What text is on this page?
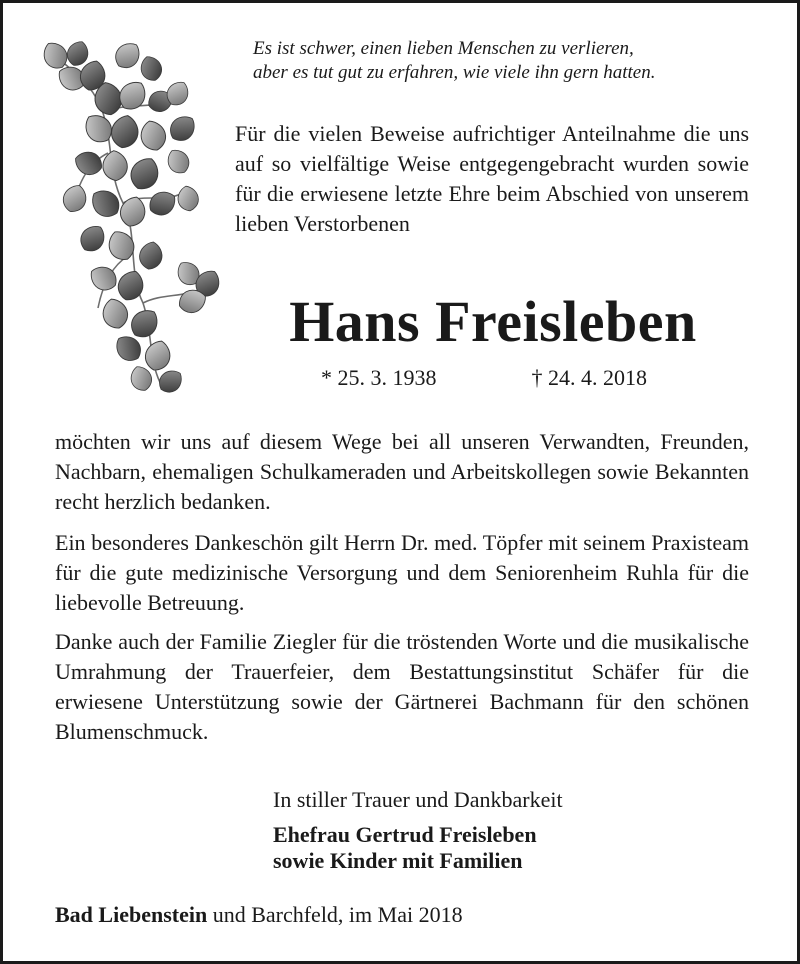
Es ist schwer, einen lieben Menschen zu verlieren,
aber es tut gut zu erfahren, wie viele ihn gern hatten.
Für die vielen Beweise aufrichtiger Anteilnahme die uns auf so vielfältige Weise entgegengebracht wurden sowie für die erwiesene letzte Ehre beim Abschied von unserem lieben Verstorbenen
Hans Freisleben
* 25. 3. 1938	† 24. 4. 2018
möchten wir uns auf diesem Wege bei all unseren Verwandten, Freunden, Nachbarn, ehemaligen Schulkameraden und Arbeitskollegen sowie Bekannten recht herzlich bedanken.
Ein besonderes Dankeschön gilt Herrn Dr. med. Töpfer mit seinem Praxisteam für die gute medizinische Versorgung und dem Seniorenheim Ruhla für die liebevolle Betreuung.
Danke auch der Familie Ziegler für die tröstenden Worte und die musikalische Umrahmung der Trauerfeier, dem Bestattungsinstitut Schäfer für die erwiesene Unterstützung sowie der Gärtnerei Bachmann für den schönen Blumenschmuck.
In stiller Trauer und Dankbarkeit
Ehefrau Gertrud Freisleben
sowie Kinder mit Familien
Bad Liebenstein und Barchfeld, im Mai 2018
